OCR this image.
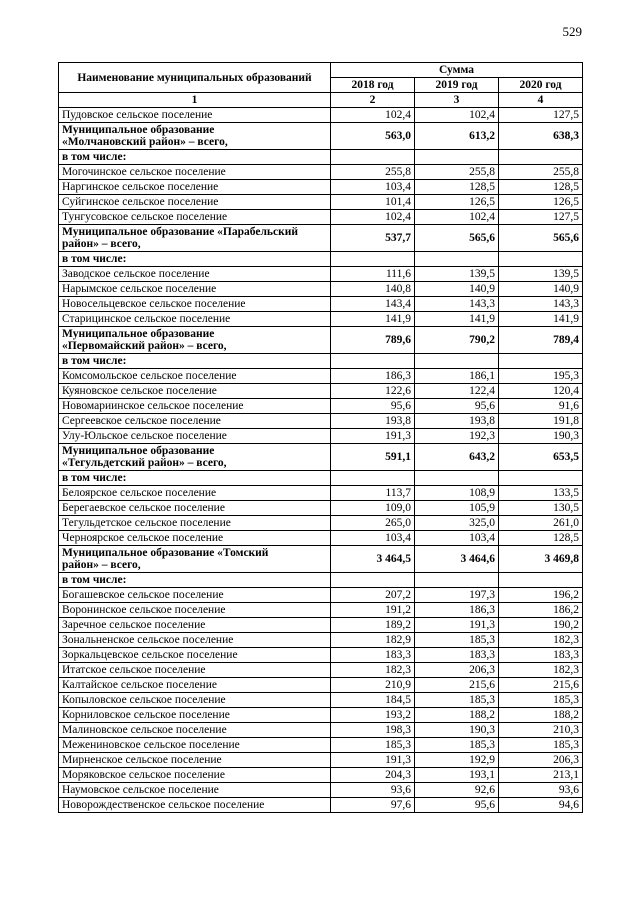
529
Наименование муниципальных образований	Сумма		
	2018 год	2019 год	2020 год
1	2	3	4
Пудовское сельское поселение	102,4	102,4	127,5

Муниципальное образование
«Молчановский район» – всего,	563,0	613,2	638,3
в том числе:			
Могочинское сельское поселение	255,8	255,8	255,8
Наргинское сельское поселение	103,4	128,5	128,5
Суйгинское сельское поселение	101,4	126,5	126,5
Тунгусовское сельское поселение	102,4	102,4	127,5

Муниципальное образование «Парабельский
район» – всего,	537,7	565,6	565,6
в том числе:			
Заводское сельское поселение	111,6	139,5	139,5
Нарымское сельское поселение	140,8	140,9	140,9
Новосельцевское сельское поселение	143,4	143,3	143,3
Старицинское сельское поселение	141,9	141,9	141,9

Муниципальное образование
«Первомайский район» – всего,	789,6	790,2	789,4
в том числе:			
Комсомольское сельское поселение	186,3	186,1	195,3
Куяновское сельское поселение	122,6	122,4	120,4
Новомариинское сельское поселение	95,6	95,6	91,6
Сергеевское сельское поселение	193,8	193,8	191,8
Улу-Юльское сельское поселение	191,3	192,3	190,3

Муниципальное образование
«Тегульдетский район» – всего,	591,1	643,2	653,5
в том числе:			
Белоярское сельское поселение	113,7	108,9	133,5
Берегаевское сельское поселение	109,0	105,9	130,5
Тегульдетское сельское поселение	265,0	325,0	261,0
Черноярское сельское поселение	103,4	103,4	128,5

Муниципальное образование «Томский
район» – всего,	3 464,5	3 464,6	3 469,8
в том числе:			
Богашевское сельское поселение	207,2	197,3	196,2
Воронинское сельское поселение	191,2	186,3	186,2
Заречное сельское поселение	189,2	191,3	190,2
Зональненское сельское поселение	182,9	185,3	182,3
Зоркальцевское сельское поселение	183,3	183,3	183,3
Итатское сельское поселение	182,3	206,3	182,3
Калтайское сельское поселение	210,9	215,6	215,6
Копыловское сельское поселение	184,5	185,3	185,3
Корниловское сельское поселение	193,2	188,2	188,2
Малиновское сельское поселение	198,3	190,3	210,3
Межениновское сельское поселение	185,3	185,3	185,3
Мирненское сельское поселение	191,3	192,9	206,3
Моряковское сельское поселение	204,3	193,1	213,1
Наумовское сельское поселение	93,6	92,6	93,6
Новорождественское сельское поселение	97,6	95,6	94,6
